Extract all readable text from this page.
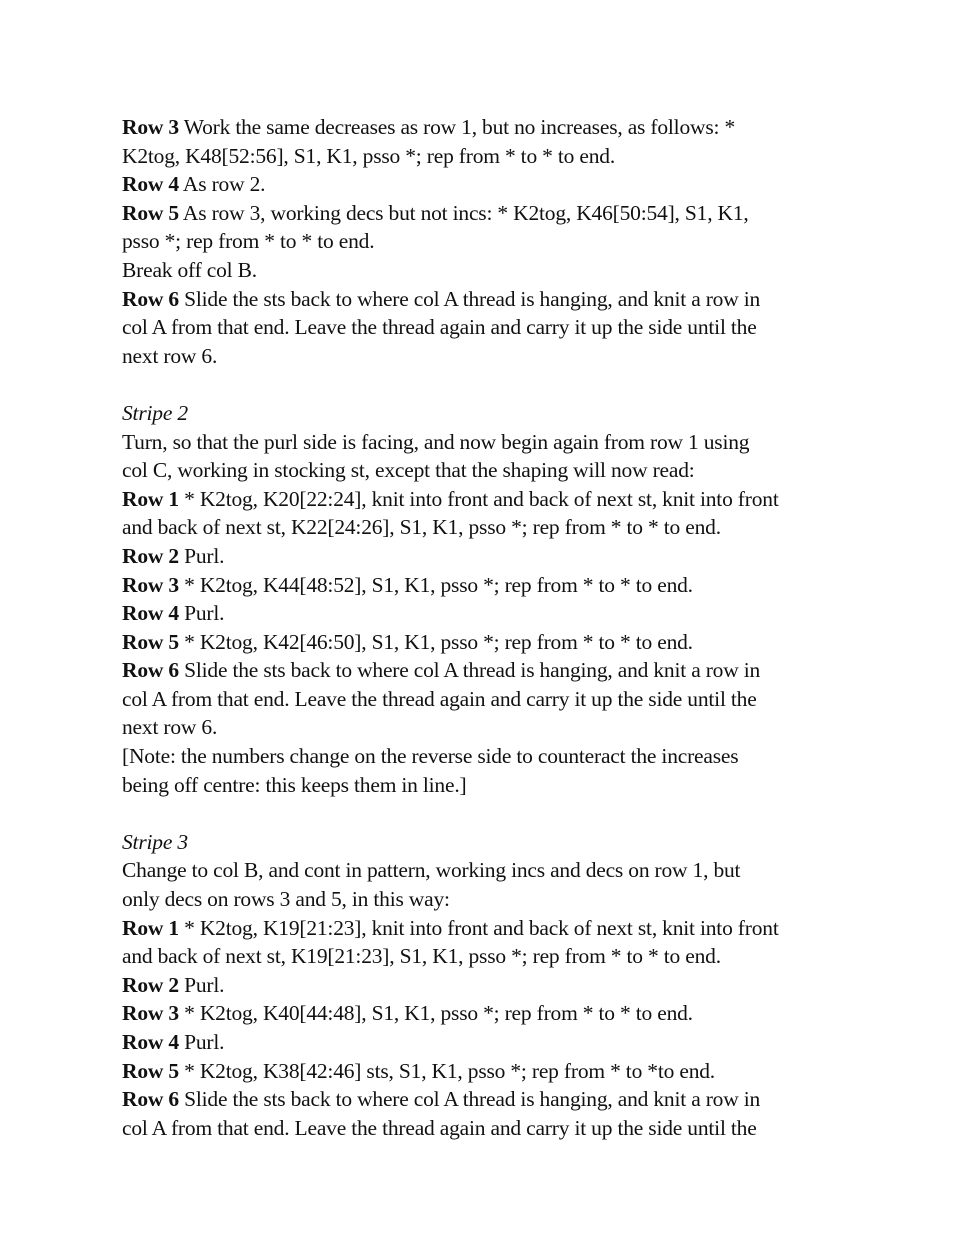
Row 3 Work the same decreases as row 1, but no increases, as follows: *
K2tog, K48[52:56], S1, K1, psso *; rep from * to * to end.
Row 4 As row 2.
Row 5 As row 3, working decs but not incs: * K2tog, K46[50:54], S1, K1,
psso *; rep from * to * to end.
Break off col B.
Row 6 Slide the sts back to where col A thread is hanging, and knit a row in
col A from that end. Leave the thread again and carry it up the side until the
next row 6.
Stripe 2
Turn, so that the purl side is facing, and now begin again from row 1 using
col C, working in stocking st, except that the shaping will now read:
Row 1 * K2tog, K20[22:24], knit into front and back of next st, knit into front
and back of next st, K22[24:26], S1, K1, psso *; rep from * to * to end.
Row 2 Purl.
Row 3 * K2tog, K44[48:52], S1, K1, psso *; rep from * to * to end.
Row 4 Purl.
Row 5 * K2tog, K42[46:50], S1, K1, psso *; rep from * to * to end.
Row 6 Slide the sts back to where col A thread is hanging, and knit a row in
col A from that end. Leave the thread again and carry it up the side until the
next row 6.
[Note: the numbers change on the reverse side to counteract the increases
being off centre: this keeps them in line.]
Stripe 3
Change to col B, and cont in pattern, working incs and decs on row 1, but
only decs on rows 3 and 5, in this way:
Row 1 * K2tog, K19[21:23], knit into front and back of next st, knit into front
and back of next st, K19[21:23], S1, K1, psso *; rep from * to * to end.
Row 2 Purl.
Row 3 * K2tog, K40[44:48], S1, K1, psso *; rep from * to * to end.
Row 4 Purl.
Row 5 * K2tog, K38[42:46] sts, S1, K1, psso *; rep from * to *to end.
Row 6 Slide the sts back to where col A thread is hanging, and knit a row in
col A from that end. Leave the thread again and carry it up the side until the
